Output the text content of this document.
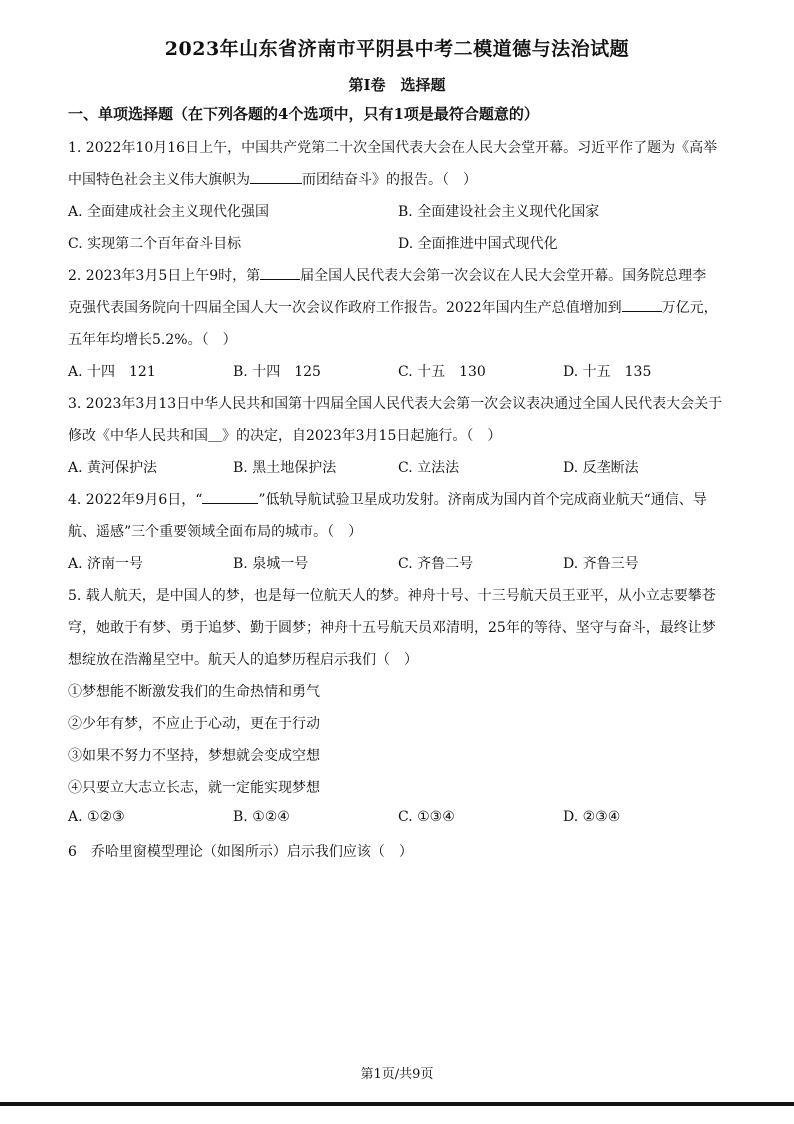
2023年山东省济南市平阴县中考二模道德与法治试题
第Ⅰ卷　选择题
一、单项选择题（在下列各题的4个选项中，只有1项是最符合题意的）
1. 2022年10月16日上午，中国共产党第二十次全国代表大会在人民大会堂开幕。习近平作了题为《高举
中国特色社会主义伟大旗帜为	而团结奋斗》的报告。（　）
A. 全面建成社会主义现代化强国	B. 全面建设社会主义现代化国家
C. 实现第二个百年奋斗目标	D. 全面推进中国式现代化
2. 2023年3月5日上午9时，第	届全国人民代表大会第一次会议在人民大会堂开幕。国务院总理李
克强代表国务院向十四届全国人大一次会议作政府工作报告。2022年国内生产总值增加到	万亿元，
五年年均增长5.2%。（　）
A. 十四　121	B. 十四　125	C. 十五　130	D. 十五　135
3. 2023年3月13日中华人民共和国第十四届全国人民代表大会第一次会议表决通过全国人民代表大会关于
修改《中华人民共和国＿》的决定，自2023年3月15日起施行。（　）
A. 黄河保护法	B. 黑土地保护法	C. 立法法	D. 反垄断法
4. 2022年9月6日，“	”低轨导航试验卫星成功发射。济南成为国内首个完成商业航天“通信、导
航、遥感”三个重要领域全面布局的城市。（　）
A. 济南一号	B. 泉城一号	C. 齐鲁二号	D. 齐鲁三号
5. 载人航天，是中国人的梦，也是每一位航天人的梦。神舟十号、十三号航天员王亚平，从小立志要攀苍
穹，她敢于有梦、勇于追梦、勤于圆梦；神舟十五号航天员邓清明，25年的等待、坚守与奋斗，最终让梦
想绽放在浩瀚星空中。航天人的追梦历程启示我们（　）
①梦想能不断激发我们的生命热情和勇气
②少年有梦，不应止于心动，更在于行动
③如果不努力不坚持，梦想就会变成空想
④只要立大志立长志，就一定能实现梦想
A. ①②③	B. ①②④	C. ①③④	D. ②③④
6　乔哈里窗模型理论（如图所示）启示我们应该（　）
第1页/共9页
